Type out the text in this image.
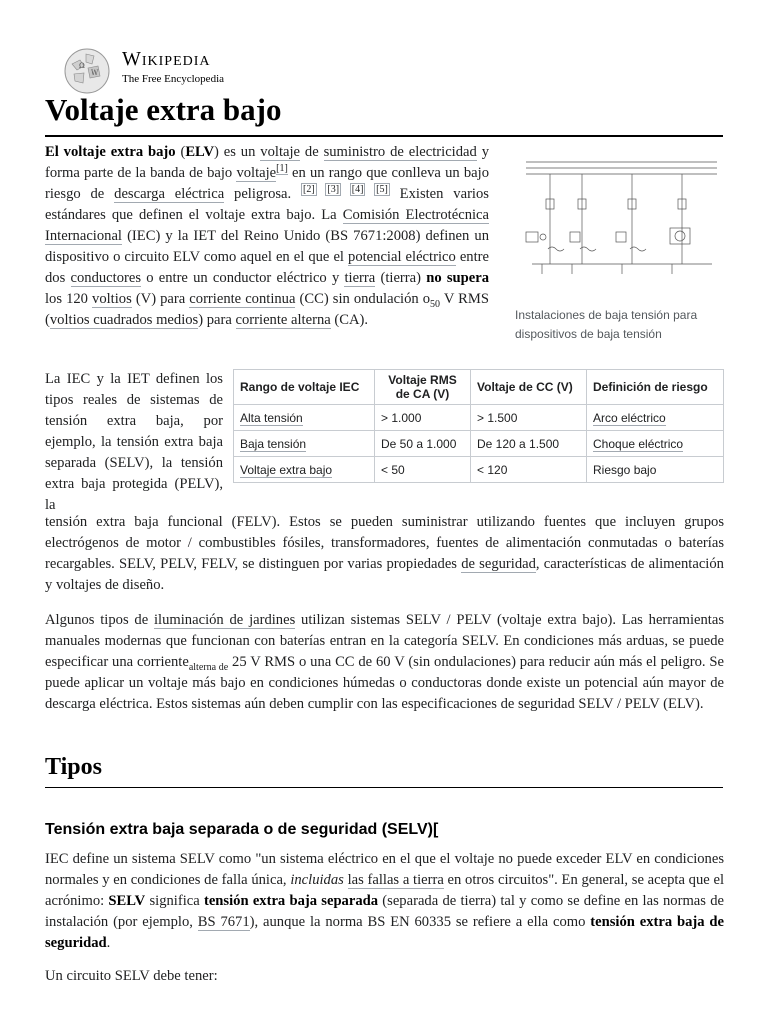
Ω
W
Wikipedia
The Free Encyclopedia
Voltaje extra bajo
Instalaciones de baja tensión para dispositivos de baja tensión

El voltaje extra bajo (ELV) es un voltaje de suministro de electricidad y forma parte de la banda de bajo voltaje[1] en un rango que conlleva un bajo riesgo de descarga eléctrica peligrosa. [2] [3] [4] [5] Existen varios estándares que definen el voltaje extra bajo. La Comisión Electrotécnica Internacional (IEC) y la IET del Reino Unido (BS 7671:2008) definen un dispositivo o circuito ELV como aquel en el que el potencial eléctrico entre dos conductores o entre un conductor eléctrico y tierra (tierra) no supera los 120 voltios (V) para corriente continua (CC) sin ondulación $o_{50}$ V RMS (voltios cuadrados medios) para corriente alterna (CA).

La IEC y la IET definen los tipos reales de sistemas de tensión extra baja, por ejemplo, la tensión extra baja separada (SELV), la tensión extra baja protegida (PELV), la
Rango de voltaje IEC	Voltaje RMS de CA (V)	Voltaje de CC (V)	Definición de riesgo
Alta tensión	> 1.000	> 1.500	Arco eléctrico
Baja tensión	De 50 a 1.000	De 120 a 1.500	Choque eléctrico
Voltaje extra bajo	< 50	< 120	Riesgo bajo

tensión extra baja funcional (FELV). Estos se pueden suministrar utilizando fuentes que incluyen grupos electrógenos de motor / combustibles fósiles, transformadores, fuentes de alimentación conmutadas o baterías recargables. SELV, PELV, FELV, se distinguen por varias propiedades de seguridad, características de alimentación y voltajes de diseño.

Algunos tipos de iluminación de jardines utilizan sistemas SELV / PELV (voltaje extra bajo). Las herramientas manuales modernas que funcionan con baterías entran en la categoría SELV. En condiciones más arduas, se puede especificar una corriente$_{alterna de}$ 25 V RMS o una CC de 60 V (sin ondulaciones) para reducir aún más el peligro. Se puede aplicar un voltaje más bajo en condiciones húmedas o conductoras donde existe un potencial aún mayor de descarga eléctrica. Estos sistemas aún deben cumplir con las especificaciones de seguridad SELV / PELV (ELV).

Tipos
Tensión extra baja separada o de seguridad (SELV)[

IEC define un sistema SELV como "un sistema eléctrico en el que el voltaje no puede exceder ELV en condiciones normales y en condiciones de falla única, incluidas las fallas a tierra en otros circuitos". En general, se acepta que el acrónimo: SELV significa tensión extra baja separada (separada de tierra) tal y como se define en las normas de instalación (por ejemplo, BS 7671), aunque la norma BS EN 60335 se refiere a ella como tensión extra baja de seguridad.

Un circuito SELV debe tener:
